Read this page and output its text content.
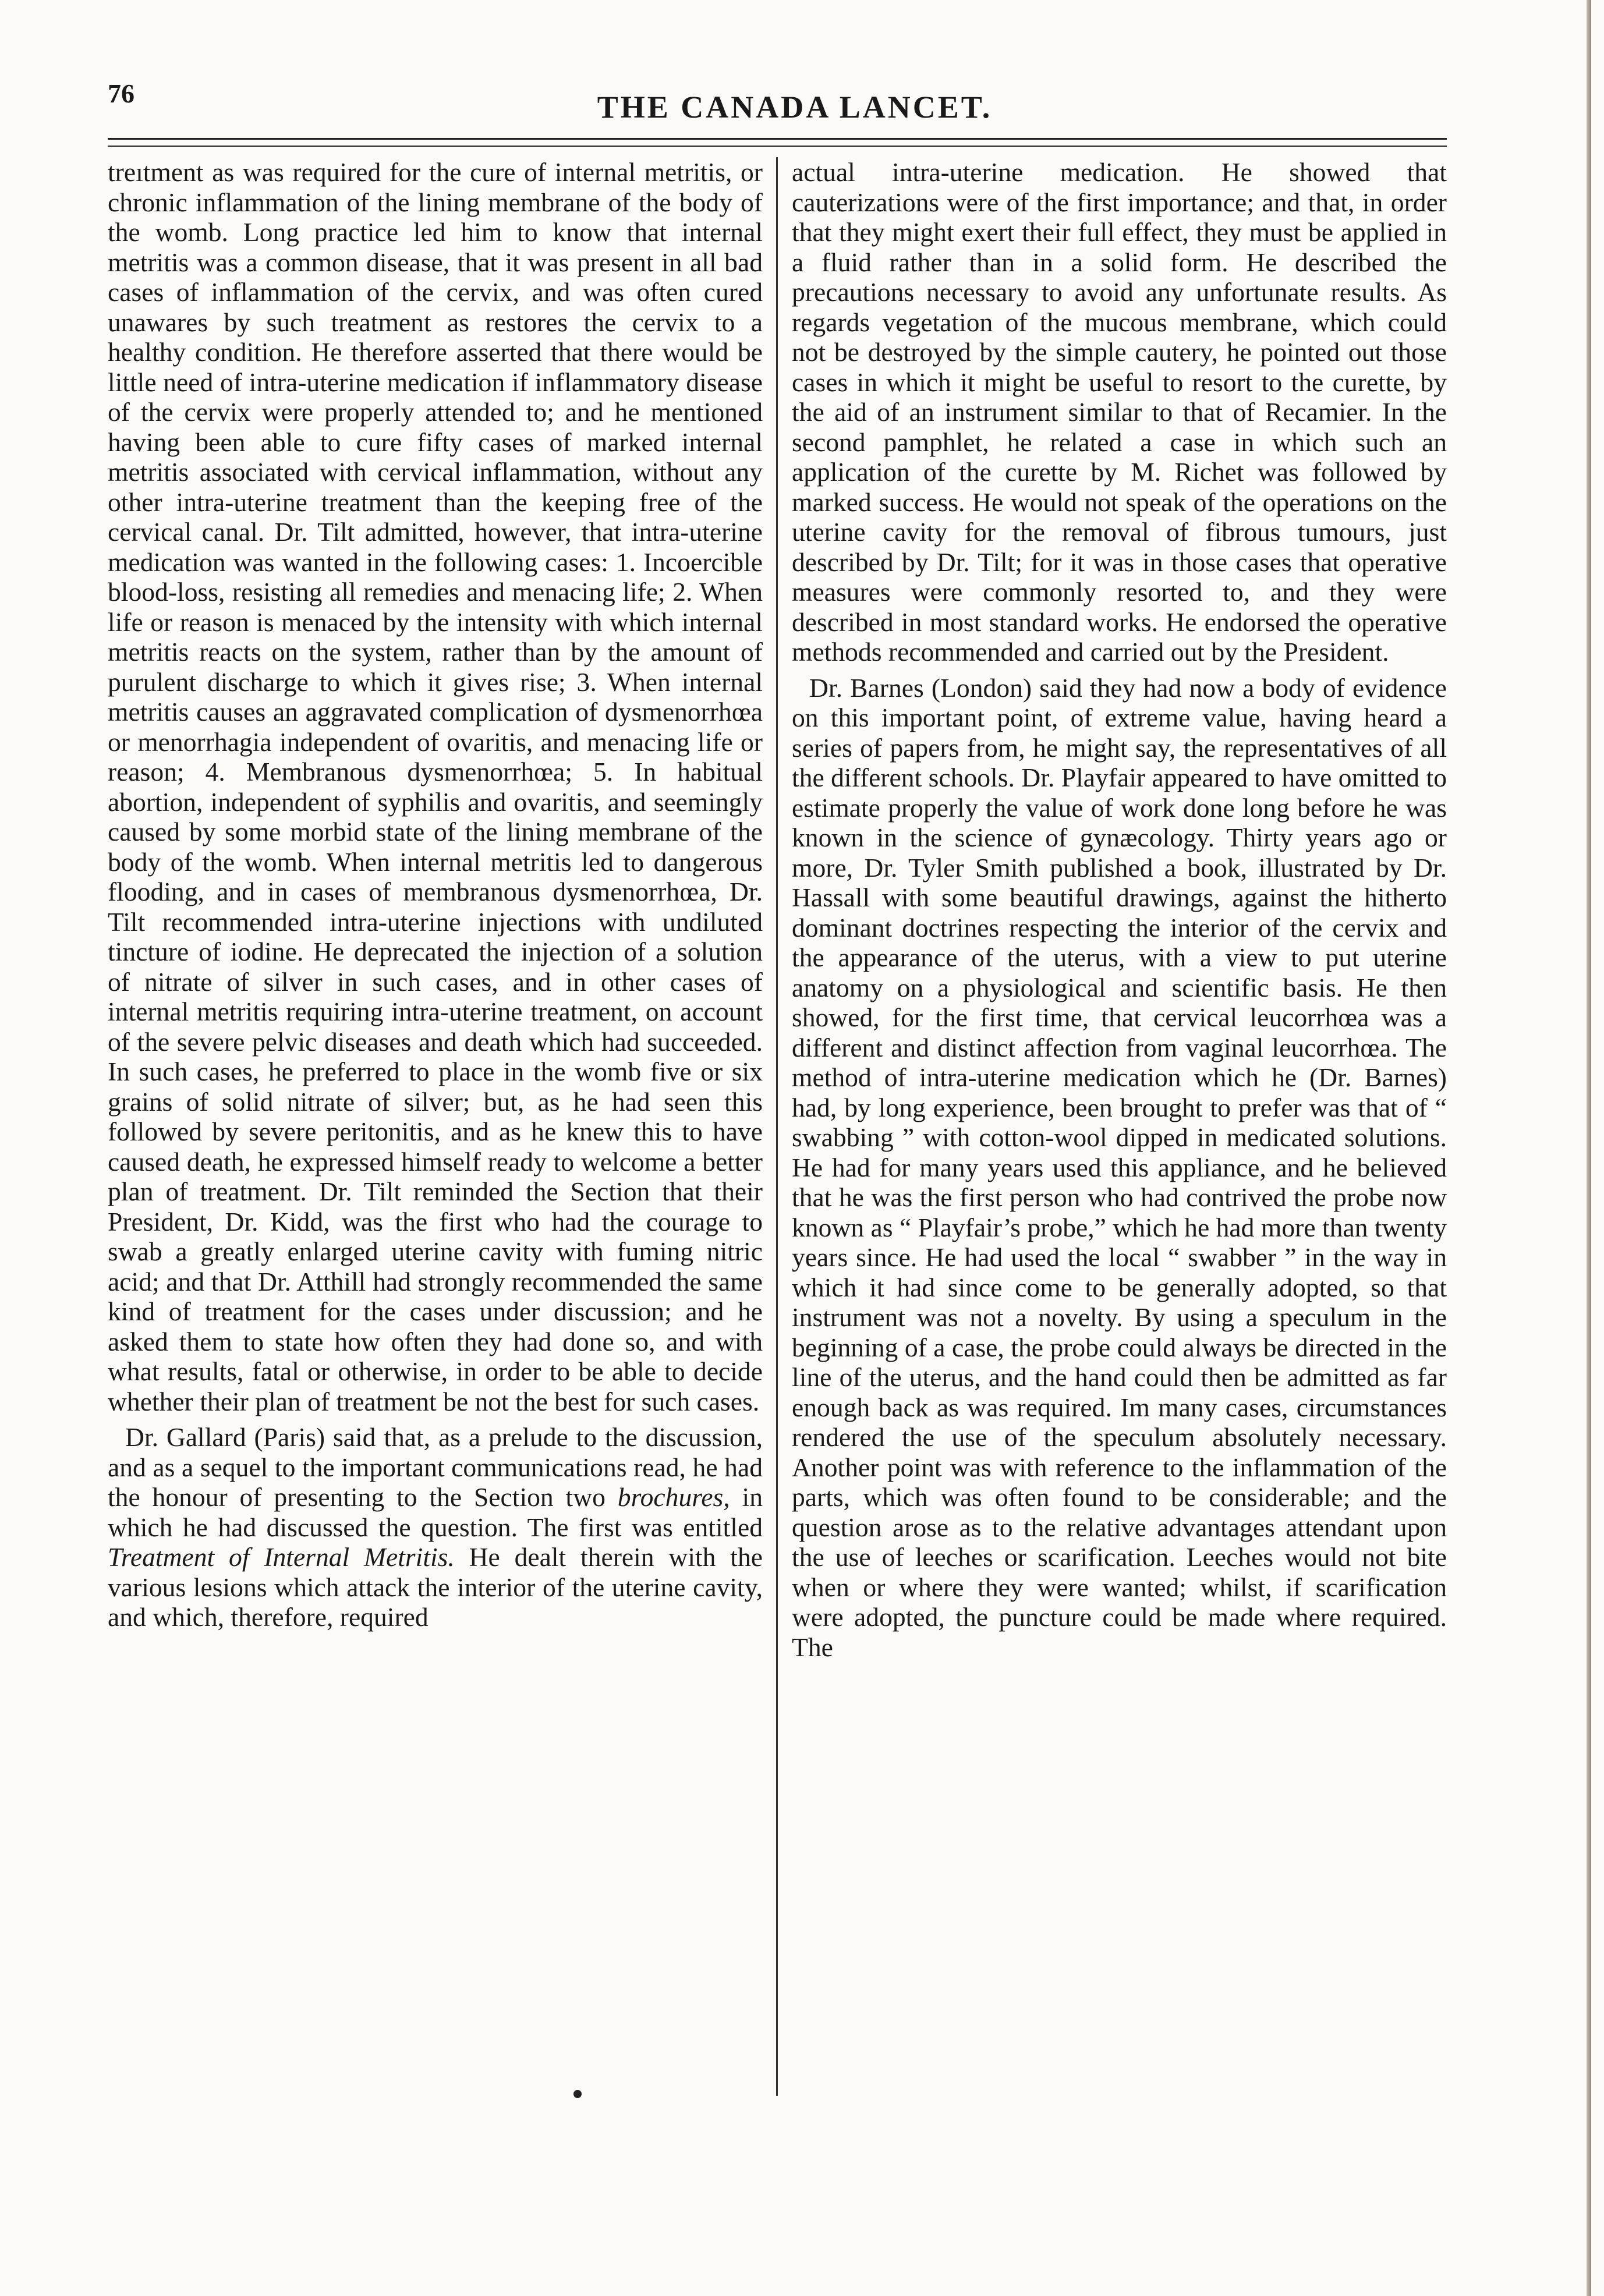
76	THE CANADA LANCET.

treıtment as was required for the cure of internal metritis, or chronic inflammation of the lining membrane of the body of the womb. Long practice led him to know that internal metritis was a common disease, that it was present in all bad cases of inflammation of the cervix, and was often cured unawares by such treatment as restores the cervix to a healthy condition. He therefore asserted that there would be little need of intra-uterine medication if inflammatory disease of the cervix were properly attended to; and he mentioned having been able to cure fifty cases of marked internal metritis associated with cervical inflammation, without any other intra-uterine treatment than the keeping free of the cervical canal. Dr. Tilt admitted, however, that intra-uterine medication was wanted in the following cases: 1. Incoercible blood-loss, resisting all remedies and menacing life; 2. When life or reason is menaced by the intensity with which internal metritis reacts on the system, rather than by the amount of purulent discharge to which it gives rise; 3. When internal metritis causes an aggravated complication of dysmenorrhœa or menorrhagia independent of ovaritis, and menacing life or reason; 4. Membranous dysmenorrhœa; 5. In habitual abortion, independent of syphilis and ovaritis, and seemingly caused by some morbid state of the lining membrane of the body of the womb. When internal metritis led to dangerous flooding, and in cases of membranous dysmenorrhœa, Dr. Tilt recommended intra-uterine injections with undiluted tincture of iodine. He deprecated the injection of a solution of nitrate of silver in such cases, and in other cases of internal metritis requiring intra-uterine treatment, on account of the severe pelvic diseases and death which had succeeded. In such cases, he preferred to place in the womb five or six grains of solid nitrate of silver; but, as he had seen this followed by severe peritonitis, and as he knew this to have caused death, he expressed himself ready to welcome a better plan of treatment. Dr. Tilt reminded the Section that their President, Dr. Kidd, was the first who had the courage to swab a greatly enlarged uterine cavity with fuming nitric acid; and that Dr. Atthill had strongly recommended the same kind of treatment for the cases under discussion; and he asked them to state how often they had done so, and with what results, fatal or otherwise, in order to be able to decide whether their plan of treatment be not the best for such cases.

Dr. Gallard (Paris) said that, as a prelude to the discussion, and as a sequel to the important communications read, he had the honour of presenting to the Section two brochures, in which he had discussed the question. The first was entitled Treatment of Internal Metritis. He dealt therein with the various lesions which attack the interior of the uterine cavity, and which, therefore, required

actual intra-uterine medication. He showed that cauterizations were of the first importance; and that, in order that they might exert their full effect, they must be applied in a fluid rather than in a solid form. He described the precautions necessary to avoid any unfortunate results. As regards vegetation of the mucous membrane, which could not be destroyed by the simple cautery, he pointed out those cases in which it might be useful to resort to the curette, by the aid of an instrument similar to that of Recamier. In the second pamphlet, he related a case in which such an application of the curette by M. Richet was followed by marked success. He would not speak of the operations on the uterine cavity for the removal of fibrous tumours, just described by Dr. Tilt; for it was in those cases that operative measures were commonly resorted to, and they were described in most standard works. He endorsed the operative methods recommended and carried out by the President.

Dr. Barnes (London) said they had now a body of evidence on this important point, of extreme value, having heard a series of papers from, he might say, the representatives of all the different schools. Dr. Playfair appeared to have omitted to estimate properly the value of work done long before he was known in the science of gynæcology. Thirty years ago or more, Dr. Tyler Smith published a book, illustrated by Dr. Hassall with some beautiful drawings, against the hitherto dominant doctrines respecting the interior of the cervix and the appearance of the uterus, with a view to put uterine anatomy on a physiological and scientific basis. He then showed, for the first time, that cervical leucorrhœa was a different and distinct affection from vaginal leucorrhœa. The method of intra-uterine medication which he (Dr. Barnes) had, by long experience, been brought to prefer was that of “ swabbing ” with cotton-wool dipped in medicated solutions. He had for many years used this appliance, and he believed that he was the first person who had contrived the probe now known as “ Playfair’s probe,” which he had more than twenty years since. He had used the local “ swabber ” in the way in which it had since come to be generally adopted, so that instrument was not a novelty. By using a speculum in the beginning of a case, the probe could always be directed in the line of the uterus, and the hand could then be admitted as far enough back as was required. Im many cases, circumstances rendered the use of the speculum absolutely necessary. Another point was with reference to the inflammation of the parts, which was often found to be considerable; and the question arose as to the relative advantages attendant upon the use of leeches or scarification. Leeches would not bite when or where they were wanted; whilst, if scarification were adopted, the puncture could be made where required. The
